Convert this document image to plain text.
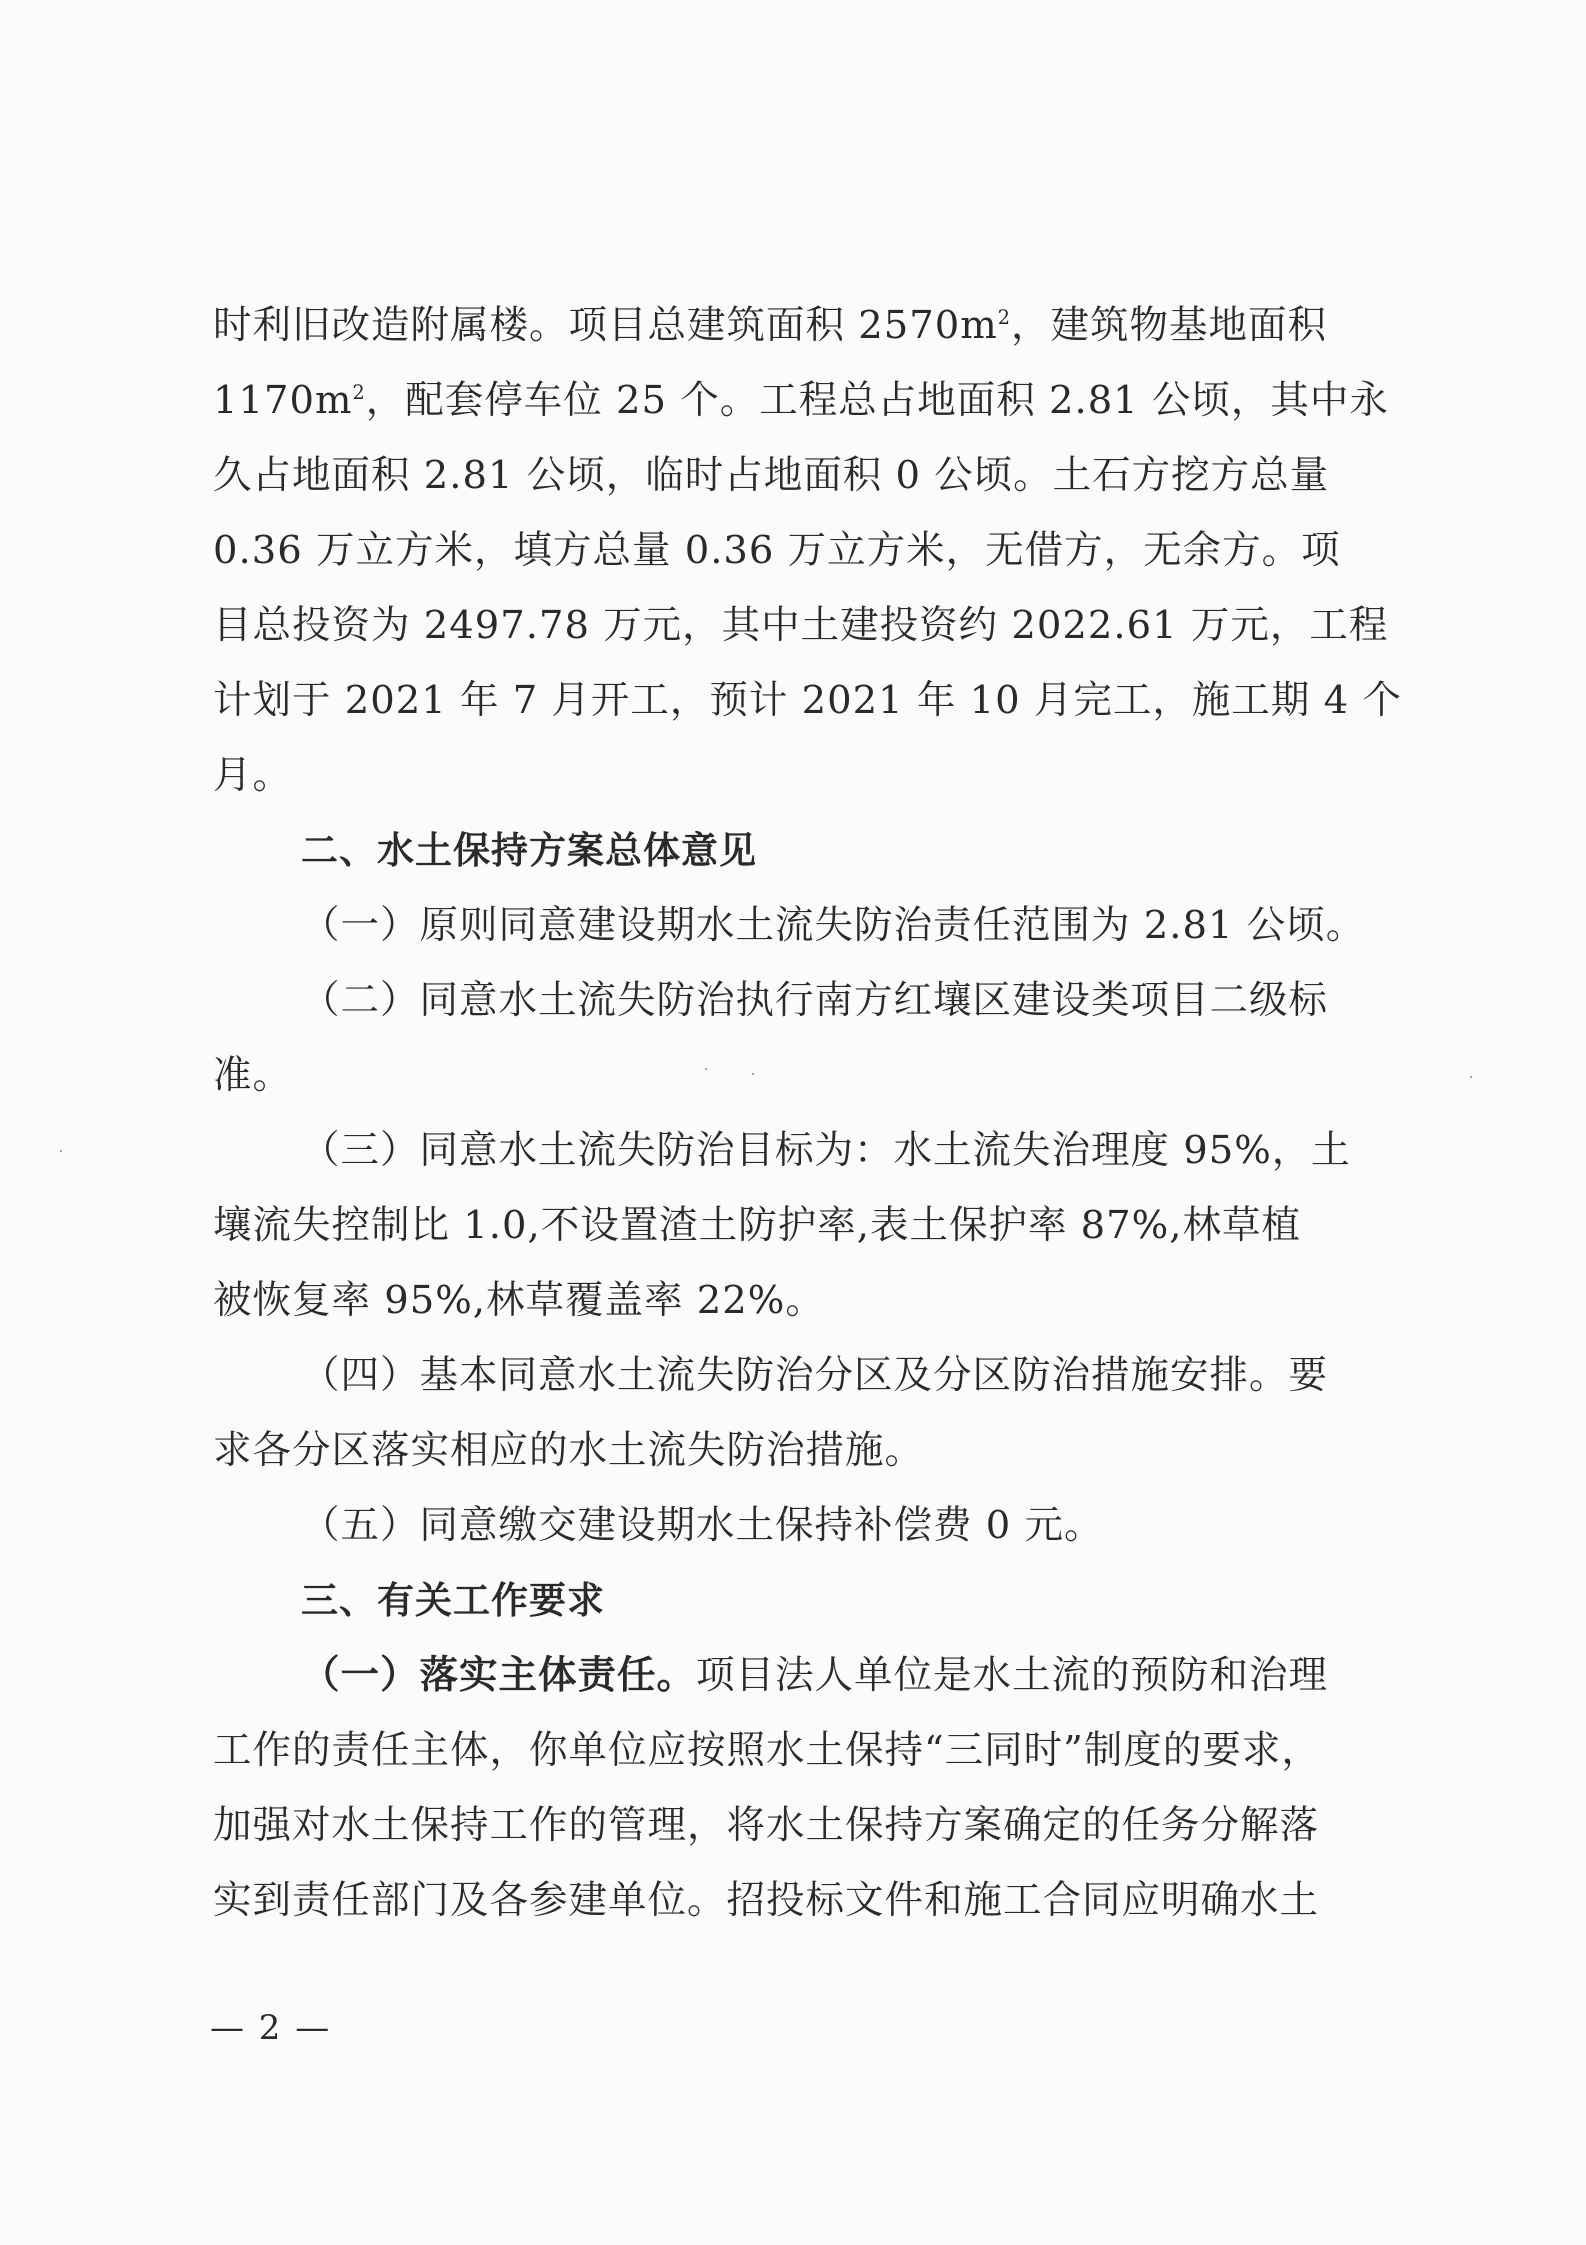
时利旧改造附属楼。项目总建筑面积 $2570m^2$，建筑物基地面积
$1170m^2$，配套停车位 25 个。工程总占地面积 2.81 公顷，其中永
久占地面积 2.81 公顷，临时占地面积 0 公顷。土石方挖方总量
0.36 万立方米，填方总量 0.36 万立方米，无借方，无余方。项
目总投资为 2497.78 万元，其中土建投资约 2022.61 万元，工程
计划于 2021 年 7 月开工，预计 2021 年 10 月完工，施工期 4 个
月。
二、水土保持方案总体意见
（一）原则同意建设期水土流失防治责任范围为 2.81 公顷。
（二）同意水土流失防治执行南方红壤区建设类项目二级标
准。
（三）同意水土流失防治目标为：水土流失治理度 95%，土
壤流失控制比 1.0,不设置渣土防护率,表土保护率 87%,林草植
被恢复率 95%,林草覆盖率 22%。
（四）基本同意水土流失防治分区及分区防治措施安排。要
求各分区落实相应的水土流失防治措施。
（五）同意缴交建设期水土保持补偿费 0 元。
三、有关工作要求
（一）落实主体责任。项目法人单位是水土流的预防和治理
工作的责任主体，你单位应按照水土保持“三同时”制度的要求，
加强对水土保持工作的管理，将水土保持方案确定的任务分解落
实到责任部门及各参建单位。招投标文件和施工合同应明确水土
— 2 —
